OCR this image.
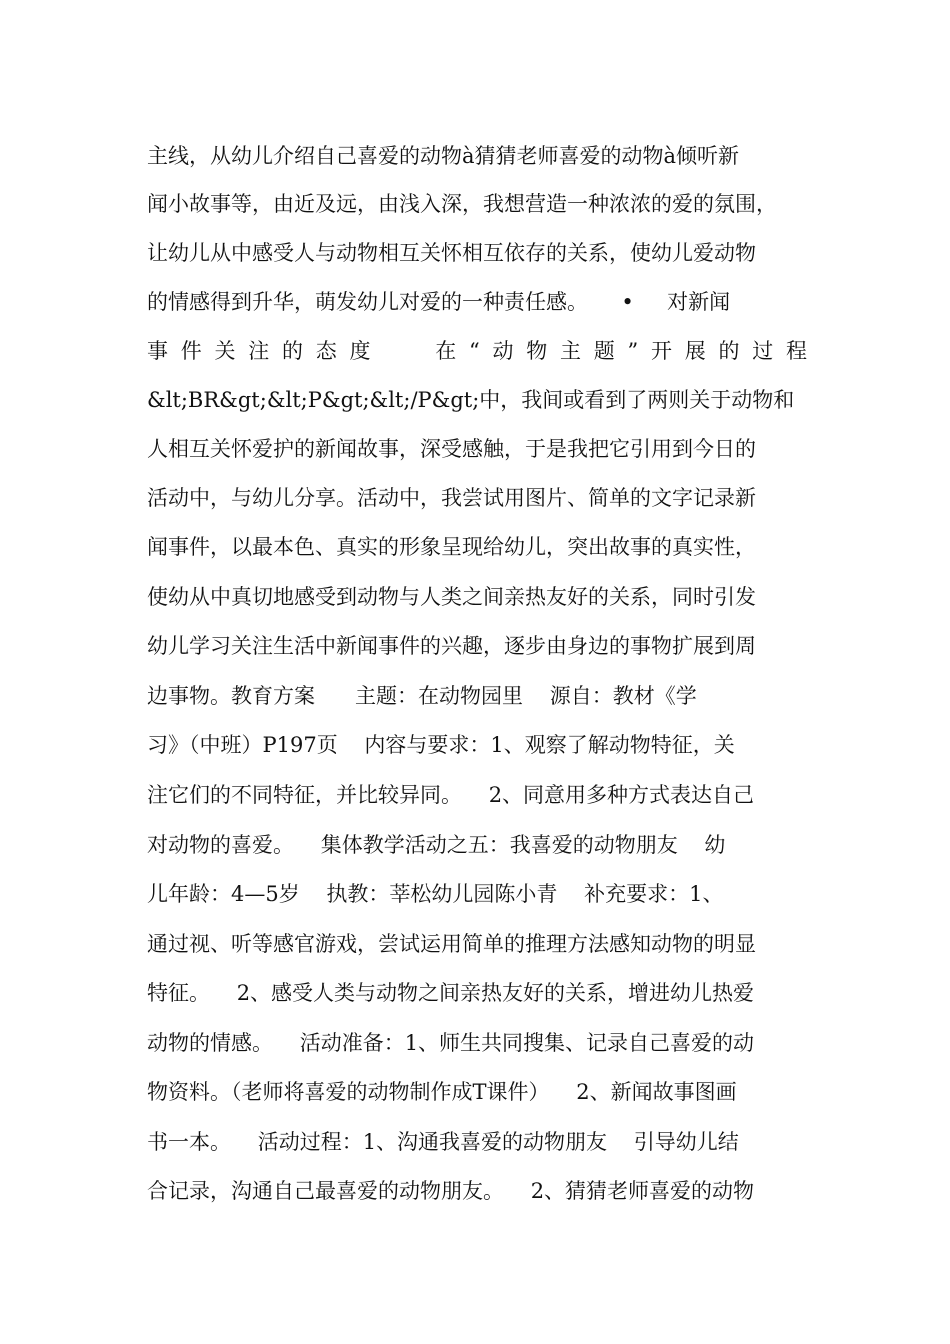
主线，从幼儿介绍自己喜爱的动物à猜猜老师喜爱的动物à倾听新
闻小故事等，由近及远，由浅入深，我想营造一种浓浓的爱的氛围，
让幼儿从中感受人与动物相互关怀相互依存的关系，使幼儿爱动物
的情感得到升华，萌发幼儿对爱的一种责任感。     •     对新闻
事 件 关 注 的 态 度	在 “ 动 物 主 题 ” 开 展 的 过 程
&lt;BR&gt;&lt;P&gt;&lt;/P&gt;中，我间或看到了两则关于动物和
人相互关怀爱护的新闻故事，深受感触，于是我把它引用到今日的
活动中，与幼儿分享。活动中，我尝试用图片、简单的文字记录新
闻事件，以最本色、真实的形象呈现给幼儿，突出故事的真实性，
使幼从中真切地感受到动物与人类之间亲热友好的关系，同时引发
幼儿学习关注生活中新闻事件的兴趣，逐步由身边的事物扩展到周
边事物。教育方案      主题：在动物园里    源自：教材《学
习》（中班）P197页    内容与要求：1、观察了解动物特征，关
注它们的不同特征，并比较异同。    2、同意用多种方式表达自己
对动物的喜爱。    集体教学活动之五：我喜爱的动物朋友    幼
儿年龄：4—5岁    执教：莘松幼儿园陈小青    补充要求：1、
通过视、听等感官游戏，尝试运用简单的推理方法感知动物的明显
特征。    2、感受人类与动物之间亲热友好的关系，增进幼儿热爱
动物的情感。    活动准备：1、师生共同搜集、记录自己喜爱的动
物资料。（老师将喜爱的动物制作成T课件）    2、新闻故事图画
书一本。    活动过程：1、沟通我喜爱的动物朋友    引导幼儿结
合记录，沟通自己最喜爱的动物朋友。    2、猜猜老师喜爱的动物
